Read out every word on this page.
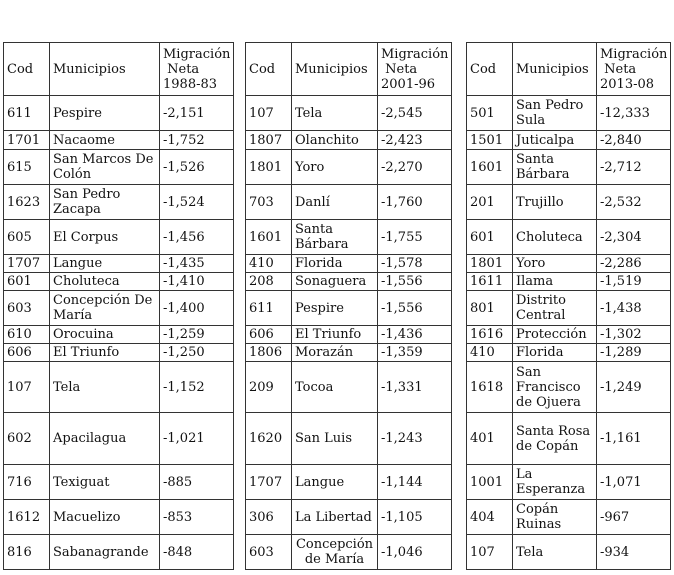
Cod	Municipios	Migración
Neta
1988-83

611	Pespire	-2,151
1701	Nacaome	-1,752
615	San Marcos De Colón	-1,526
1623	San Pedro Zacapa	-1,524
605	El Corpus	-1,456
1707	Langue	-1,435
601	Choluteca	-1,410
603	Concepción De María	-1,400
610	Orocuina	-1,259
606	El Triunfo	-1,250
107	Tela	-1,152
602	Apacilagua	-1,021
716	Texiguat	-885
1612	Macuelizo	-853
816	Sabanagrande	-848
Cod	Municipios	Migración
Neta
2001-96

107	Tela	-2,545
1807	Olanchito	-2,423
1801	Yoro	-2,270
703	Danlí	-1,760
1601	Santa Bárbara	-1,755
410	Florida	-1,578
208	Sonaguera	-1,556
611	Pespire	-1,556
606	El Triunfo	-1,436
1806	Morazán	-1,359
209	Tocoa	-1,331
1620	San Luis	-1,243
1707	Langue	-1,144
306	La Libertad	-1,105
603	Concepción de María	-1,046
Cod	Municipios	Migración
Neta
2013-08

501	San Pedro Sula	-12,333
1501	Juticalpa	-2,840
1601	Santa Bárbara	-2,712
201	Trujillo	-2,532
601	Choluteca	-2,304
1801	Yoro	-2,286
1611	Ilama	-1,519
801	Distrito Central	-1,438
1616	Protección	-1,302
410	Florida	-1,289
1618	San Francisco de Ojuera	-1,249
401	Santa Rosa de Copán	-1,161
1001	La Esperanza	-1,071
404	Copán Ruinas	-967
107	Tela	-934
